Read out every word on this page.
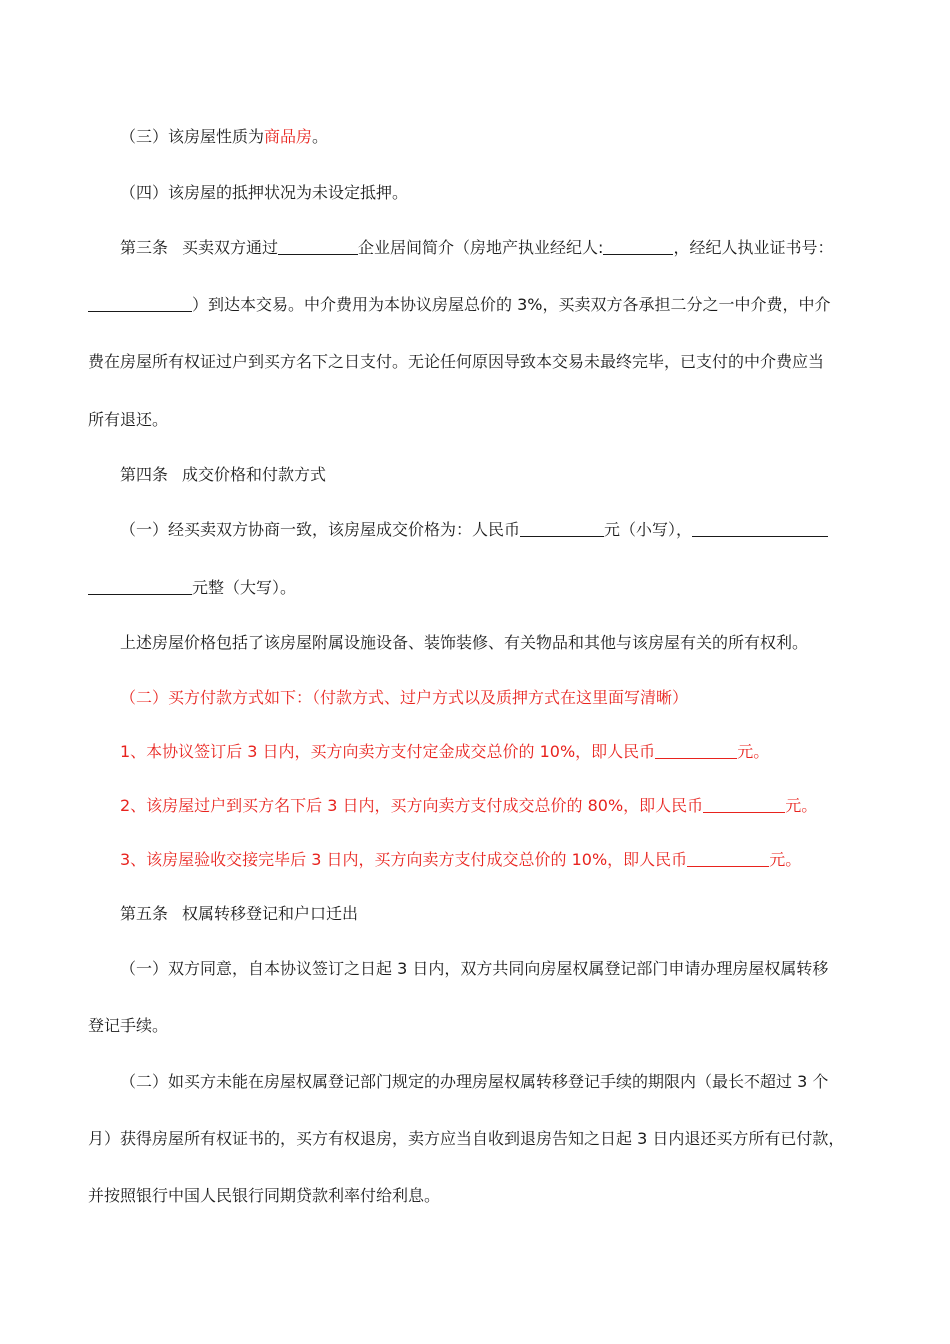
（三）该房屋性质为商品房。
（四）该房屋的抵押状况为未设定抵押。
第三条 买卖双方通过	企业居间简介（房地产执业经纪人:	，经纪人执业证书号：
）到达本交易。中介费用为本协议房屋总价的 3%，买卖双方各承担二分之一中介费，中介
费在房屋所有权证过户到买方名下之日支付。无论任何原因导致本交易未最终完毕，已支付的中介费应当
所有退还。
第四条 成交价格和付款方式
（一）经买卖双方协商一致，该房屋成交价格为：人民币	元（小写），
元整（大写）。
上述房屋价格包括了该房屋附属设施设备、装饰装修、有关物品和其他与该房屋有关的所有权利。
（二）买方付款方式如下：（付款方式、过户方式以及质押方式在这里面写清晰）
1、本协议签订后 3 日内，买方向卖方支付定金成交总价的 10%，即人民币	元。
2、该房屋过户到买方名下后 3 日内，买方向卖方支付成交总价的 80%，即人民币	元。
3、该房屋验收交接完毕后 3 日内，买方向卖方支付成交总价的 10%，即人民币	元。
第五条 权属转移登记和户口迁出
（一）双方同意，自本协议签订之日起 3 日内，双方共同向房屋权属登记部门申请办理房屋权属转移
登记手续。
（二）如买方未能在房屋权属登记部门规定的办理房屋权属转移登记手续的期限内（最长不超过 3 个
月）获得房屋所有权证书的，买方有权退房，卖方应当自收到退房告知之日起 3 日内退还买方所有已付款，
并按照银行中国人民银行同期贷款利率付给利息。
